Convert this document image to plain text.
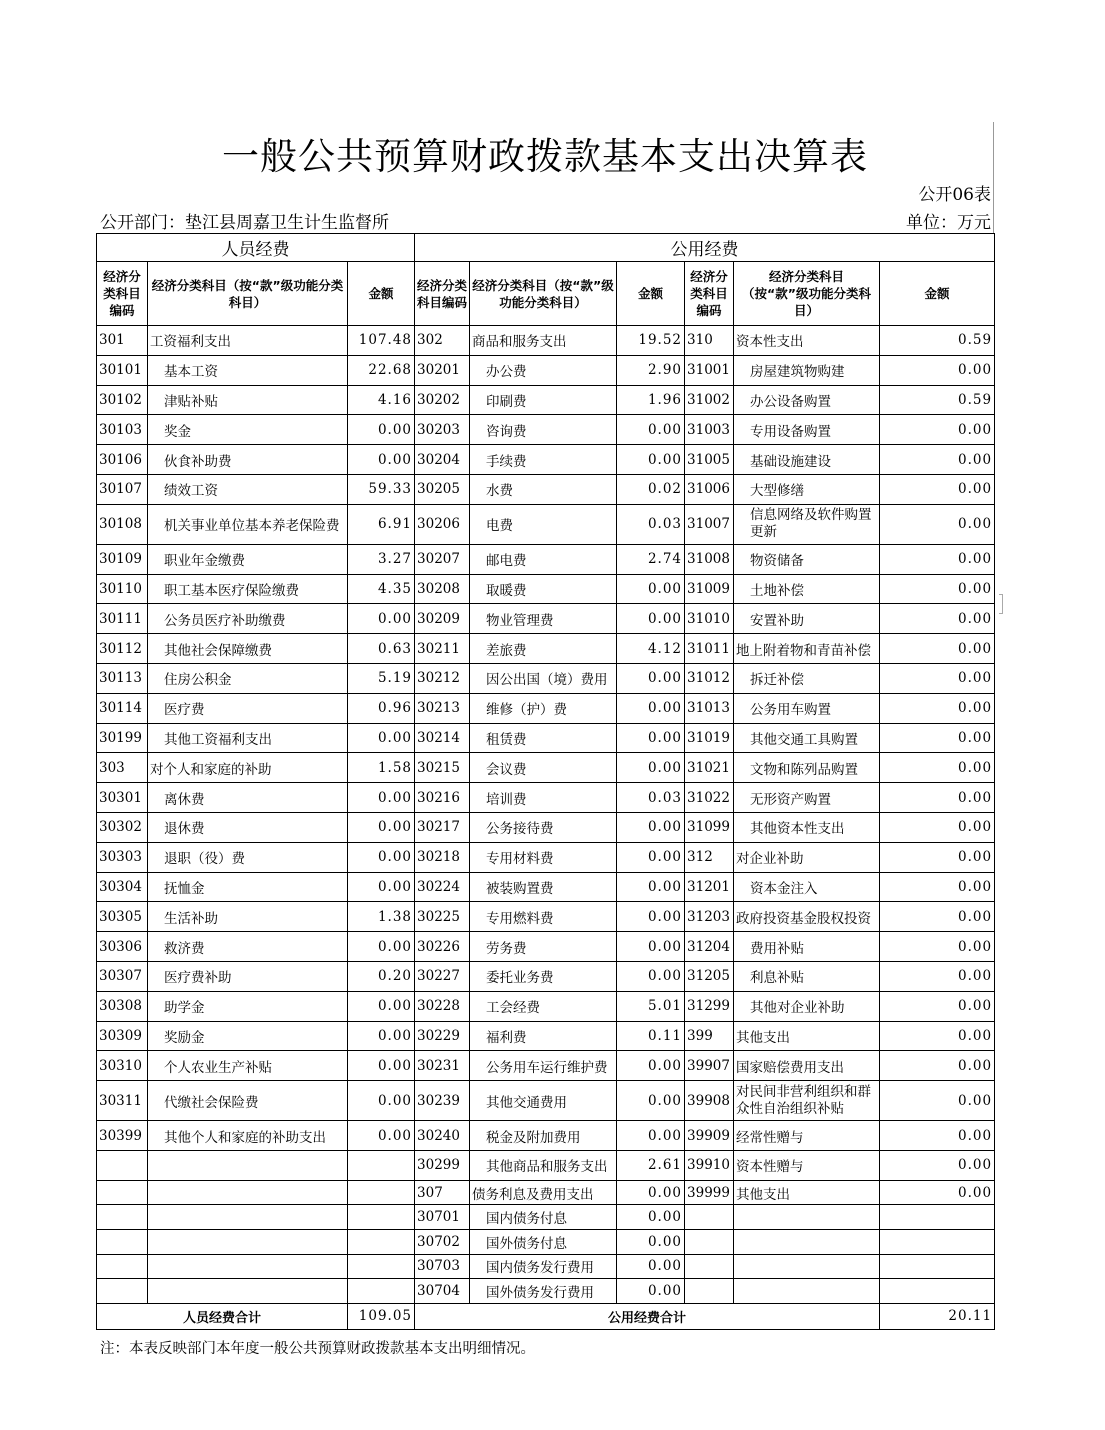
一般公共预算财政拨款基本支出决算表
公开06表
公开部门：垫江县周嘉卫生计生监督所	单位：万元
人员经费			公用经费					
经济分类科目编码	经济分类科目（按“款”级功能分类科目）	金额	经济分类科目编码	经济分类科目（按“款”级功能分类科目）	金额	经济分类科目编码	经济分类科目（按“款”级功能分类科目）	金额
301	工资福利支出	107.48	302	商品和服务支出	19.52	310	资本性支出	0.59
30101	基本工资	22.68	30201	办公费	2.90	31001	房屋建筑物购建	0.00
30102	津贴补贴	4.16	30202	印刷费	1.96	31002	办公设备购置	0.59
30103	奖金	0.00	30203	咨询费	0.00	31003	专用设备购置	0.00
30106	伙食补助费	0.00	30204	手续费	0.00	31005	基础设施建设	0.00
30107	绩效工资	59.33	30205	水费	0.02	31006	大型修缮	0.00
30108	机关事业单位基本养老保险费	6.91	30206	电费	0.03	31007	信息网络及软件购置更新	0.00
30109	职业年金缴费	3.27	30207	邮电费	2.74	31008	物资储备	0.00
30110	职工基本医疗保险缴费	4.35	30208	取暖费	0.00	31009	土地补偿	0.00
30111	公务员医疗补助缴费	0.00	30209	物业管理费	0.00	31010	安置补助	0.00
30112	其他社会保障缴费	0.63	30211	差旅费	4.12	31011	地上附着物和青苗补偿	0.00
30113	住房公积金	5.19	30212	因公出国（境）费用	0.00	31012	拆迁补偿	0.00
30114	医疗费	0.96	30213	维修（护）费	0.00	31013	公务用车购置	0.00
30199	其他工资福利支出	0.00	30214	租赁费	0.00	31019	其他交通工具购置	0.00
303	对个人和家庭的补助	1.58	30215	会议费	0.00	31021	文物和陈列品购置	0.00
30301	离休费	0.00	30216	培训费	0.03	31022	无形资产购置	0.00
30302	退休费	0.00	30217	公务接待费	0.00	31099	其他资本性支出	0.00
30303	退职（役）费	0.00	30218	专用材料费	0.00	312	对企业补助	0.00
30304	抚恤金	0.00	30224	被装购置费	0.00	31201	资本金注入	0.00
30305	生活补助	1.38	30225	专用燃料费	0.00	31203	政府投资基金股权投资	0.00
30306	救济费	0.00	30226	劳务费	0.00	31204	费用补贴	0.00
30307	医疗费补助	0.20	30227	委托业务费	0.00	31205	利息补贴	0.00
30308	助学金	0.00	30228	工会经费	5.01	31299	其他对企业补助	0.00
30309	奖励金	0.00	30229	福利费	0.11	399	其他支出	0.00
30310	个人农业生产补贴	0.00	30231	公务用车运行维护费	0.00	39907	国家赔偿费用支出	0.00
30311	代缴社会保险费	0.00	30239	其他交通费用	0.00	39908	对民间非营利组织和群众性自治组织补贴	0.00
30399	其他个人和家庭的补助支出	0.00	30240	税金及附加费用	0.00	39909	经常性赠与	0.00
			30299	其他商品和服务支出	2.61	39910	资本性赠与	0.00
			307	债务利息及费用支出	0.00	39999	其他支出	0.00
			30701	国内债务付息	0.00			
			30702	国外债务付息	0.00			
			30703	国内债务发行费用	0.00			
			30704	国外债务发行费用	0.00			
人员经费合计		109.05	公用经费合计					20.11
注：本表反映部门本年度一般公共预算财政拨款基本支出明细情况。
